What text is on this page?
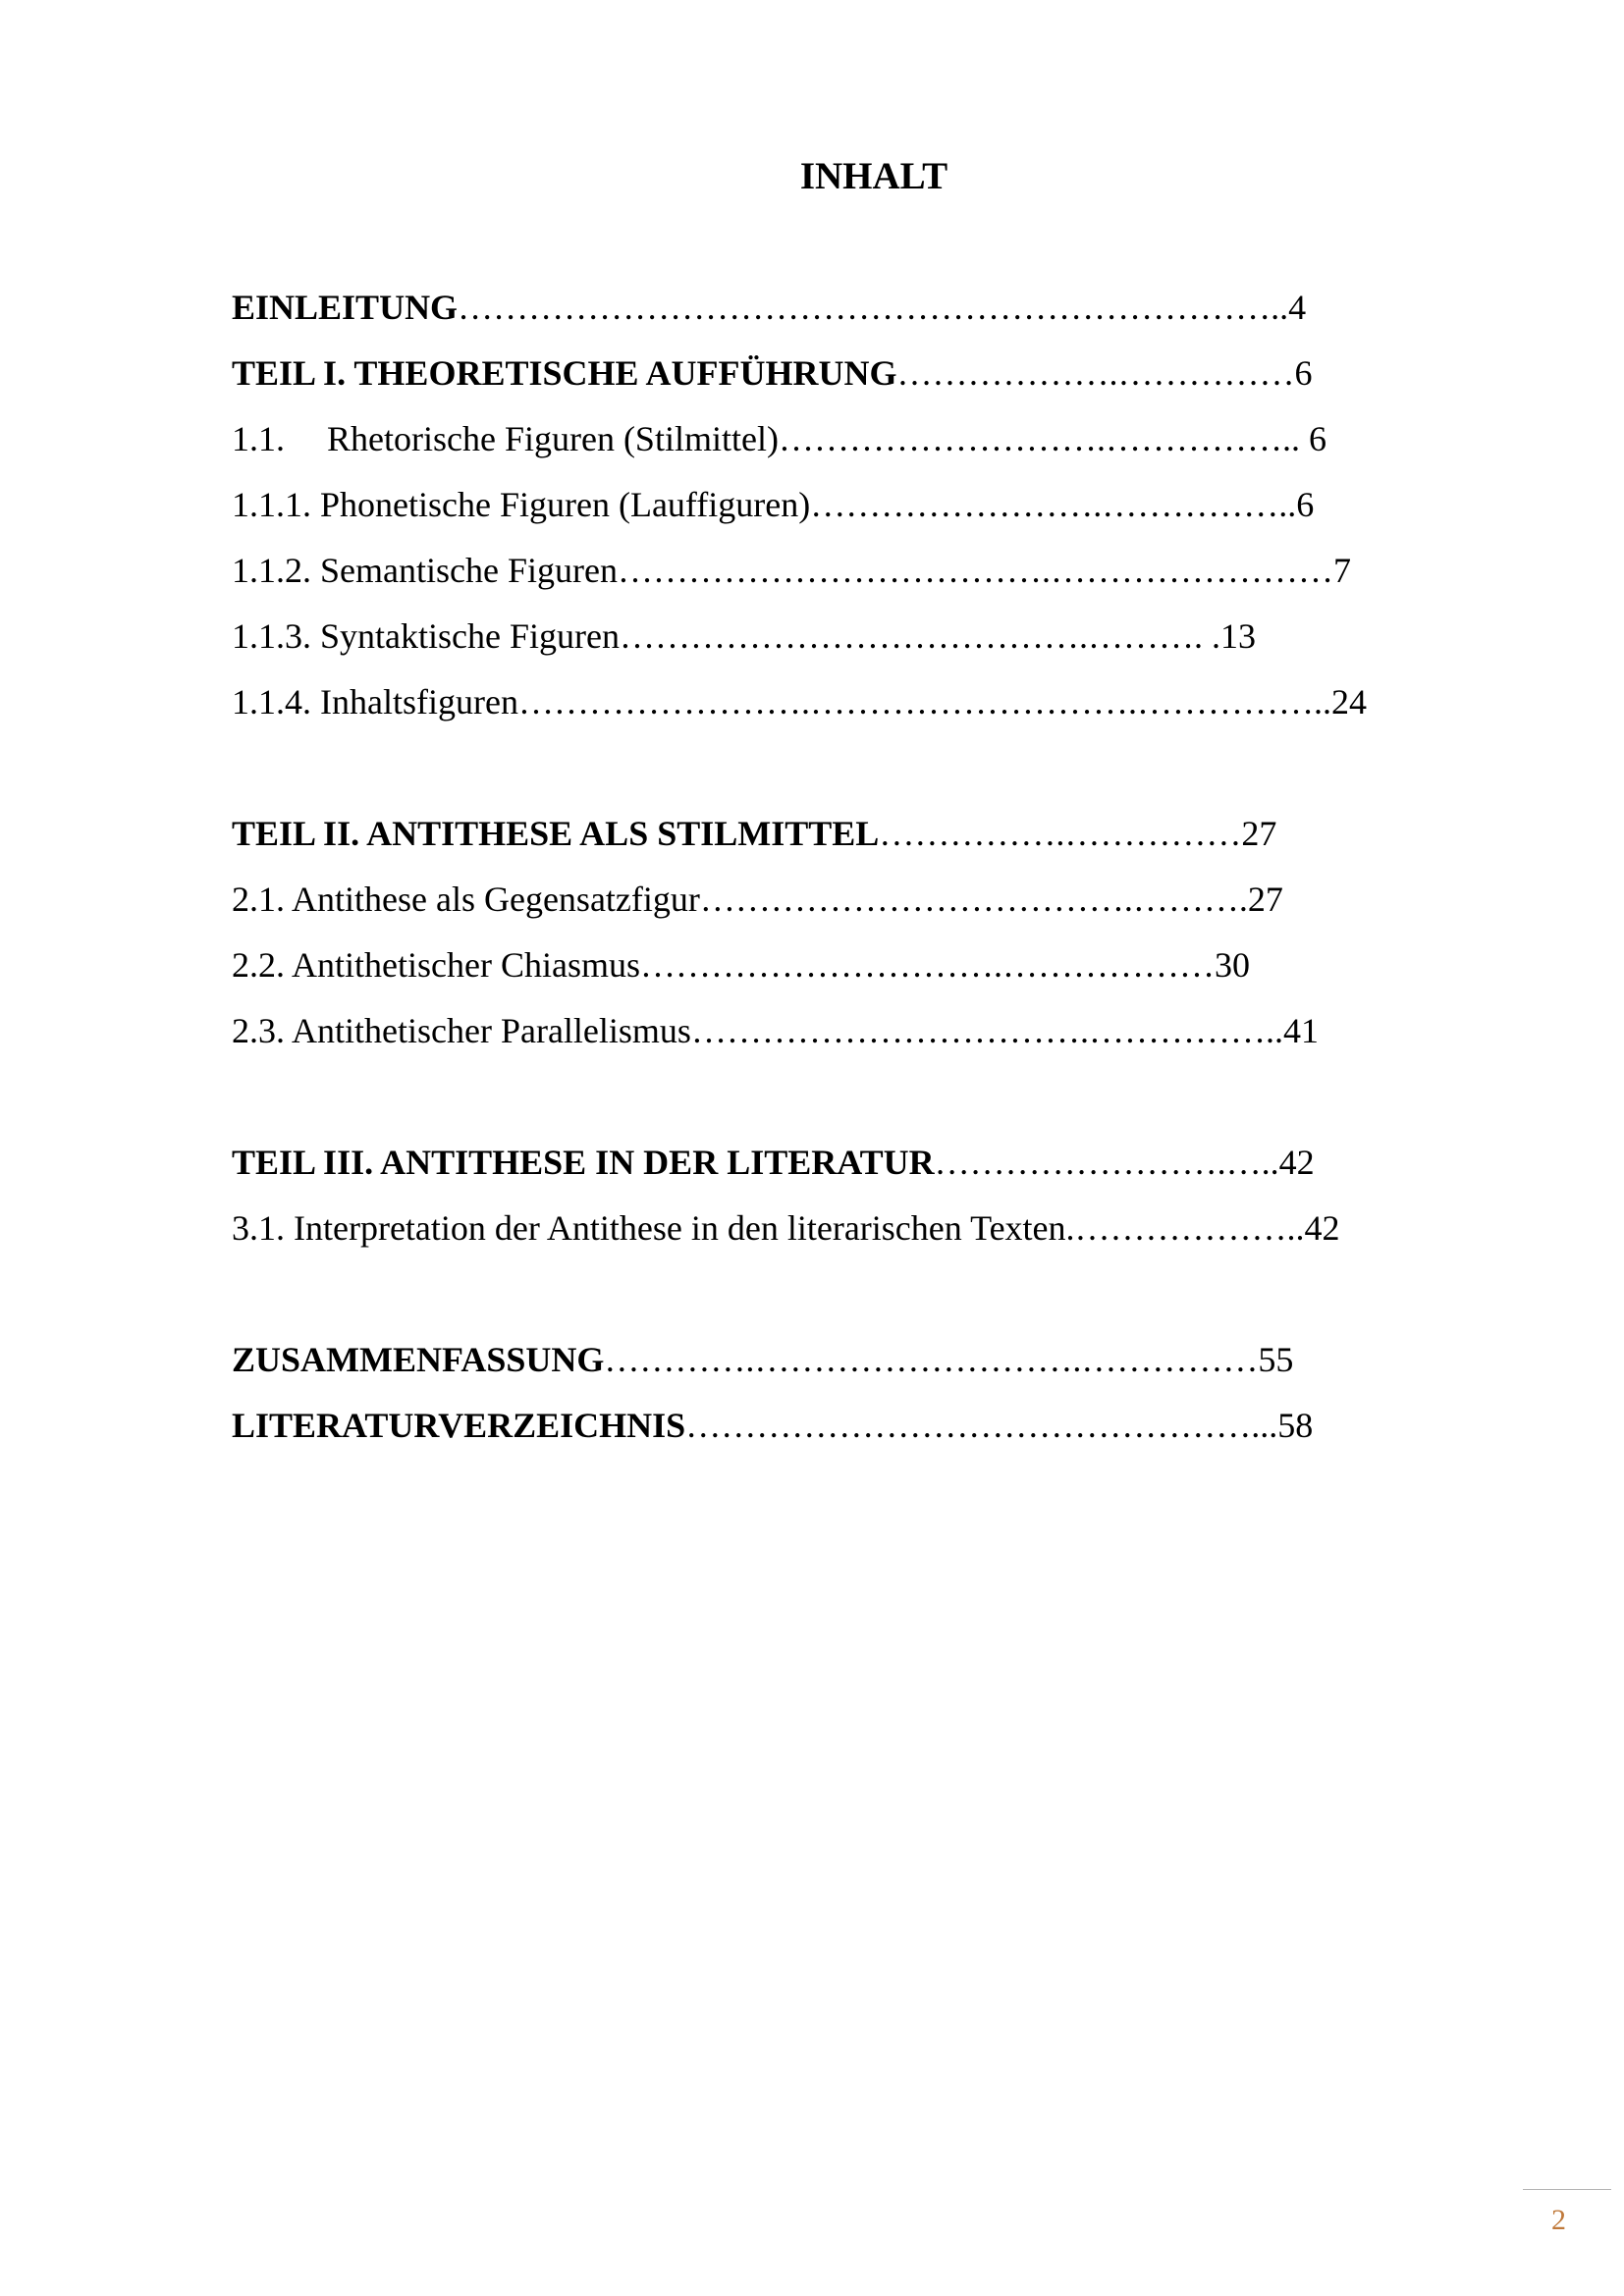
INHALT
EINLEITUNG……………………………………………………………..4
TEIL I. THEORETISCHE AUFFÜHRUNG……………….……………6
1.1. Rhetorische Figuren (Stilmittel)……………………….…………….. 6
1.1.1. Phonetische Figuren (Lauffiguren)…………………….……………..6
1.1.2. Semantische Figuren……………………………….……………………7
1.1.3. Syntaktische Figuren………………………………….………. .13
1.1.4. Inhaltsfiguren…………………….……………………….……………..24
TEIL II. ANTITHESE ALS STILMITTEL…………….……………27
2.1. Antithese als Gegensatzfigur……………………………….……….27
2.2. Antithetischer Chiasmus………………………….………………30
2.3. Antithetischer Parallelismus…………………………….……………..41
TEIL III. ANTITHESE IN DER LITERATUR…………………….…..42
3.1. Interpretation der Antithese in den literarischen Texten.………………..42
ZUSAMMENFASSUNG………….……………………….……………55
LITERATURVERZEICHNIS…………………………………………...58
2
